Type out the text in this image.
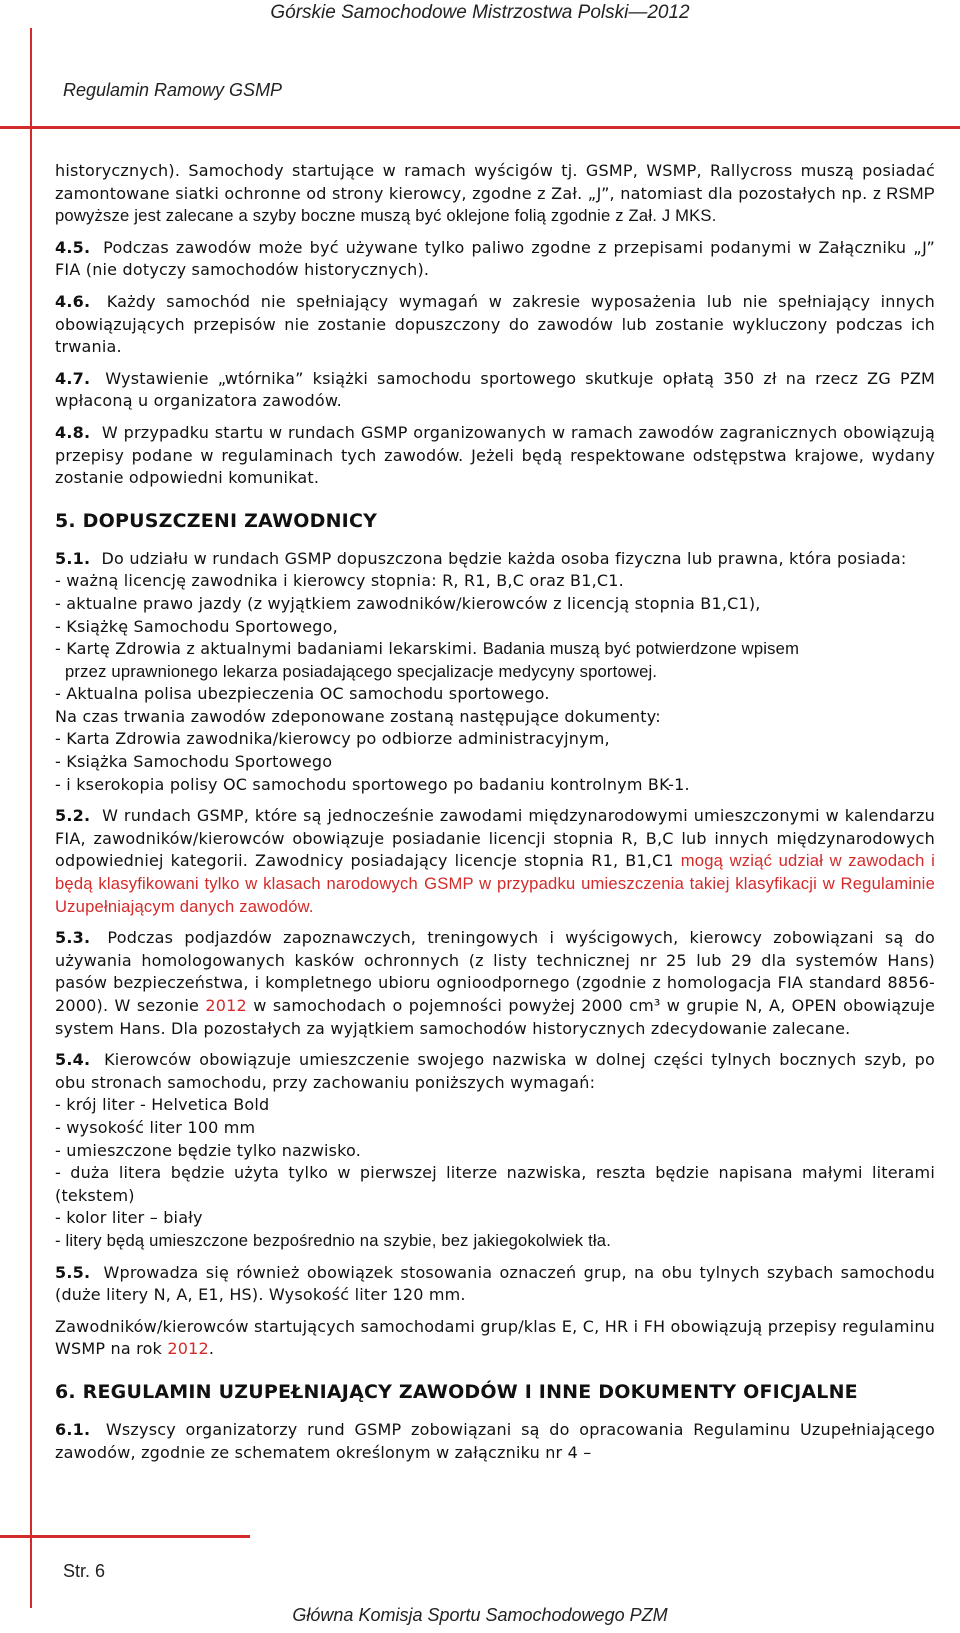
Górskie Samochodowe Mistrzostwa Polski—2012
Regulamin Ramowy GSMP

historycznych). Samochody startujące w ramach wyścigów tj. GSMP, WSMP, Rallycross muszą posiadać zamontowane siatki ochronne od strony kierowcy, zgodne z Zał. „J”, natomiast dla pozostałych np. z RSMP powyższe jest zalecane a szyby boczne muszą być oklejone folią zgodnie z Zał. J MKS.

4.5. Podczas zawodów może być używane tylko paliwo zgodne z przepisami podanymi w Załączniku „J” FIA (nie dotyczy samochodów historycznych).

4.6. Każdy samochód nie spełniający wymagań w zakresie wyposażenia lub nie spełniający innych obowiązujących przepisów nie zostanie dopuszczony do zawodów lub zostanie wykluczony podczas ich trwania.

4.7. Wystawienie „wtórnika” książki samochodu sportowego skutkuje opłatą 350 zł na rzecz ZG PZM wpłaconą u organizatora zawodów.

4.8. W przypadku startu w rundach GSMP organizowanych w ramach zawodów zagranicznych obowiązują przepisy podane w regulaminach tych zawodów. Jeżeli będą respektowane odstępstwa krajowe, wydany zostanie odpowiedni komunikat.

5. DOPUSZCZENI ZAWODNICY
5.1. Do udziału w rundach GSMP dopuszczona będzie każda osoba fizyczna lub prawna, która posiada:
- ważną licencję zawodnika i kierowcy stopnia: R, R1, B,C oraz B1,C1.
- aktualne prawo jazdy (z wyjątkiem zawodników/kierowców z licencją stopnia B1,C1),
- Książkę Samochodu Sportowego,
- Kartę Zdrowia z aktualnymi badaniami lekarskimi. Badania muszą być potwierdzone wpisem
przez uprawnionego lekarza posiadającego specjalizacje medycyny sportowej.
- Aktualna polisa ubezpieczenia OC samochodu sportowego.
Na czas trwania zawodów zdeponowane zostaną następujące dokumenty:
- Karta Zdrowia zawodnika/kierowcy po odbiorze administracyjnym,
- Książka Samochodu Sportowego
- i kserokopia polisy OC samochodu sportowego po badaniu kontrolnym BK-1.

5.2. W rundach GSMP, które są jednocześnie zawodami międzynarodowymi umieszczonymi w kalendarzu FIA, zawodników/kierowców obowiązuje posiadanie licencji stopnia R, B,C lub innych międzynarodowych odpowiedniej kategorii. Zawodnicy posiadający licencje stopnia R1, B1,C1 mogą wziąć udział w zawodach i będą klasyfikowani tylko w klasach narodowych GSMP w przypadku umieszczenia takiej klasyfikacji w Regulaminie Uzupełniającym danych zawodów.

5.3. Podczas podjazdów zapoznawczych, treningowych i wyścigowych, kierowcy zobowiązani są do używania homologowanych kasków ochronnych (z listy technicznej nr 25 lub 29 dla systemów Hans) pasów bezpieczeństwa, i kompletnego ubioru ognioodpornego (zgodnie z homologacja FIA standard 8856-2000). W sezonie 2012 w samochodach o pojemności powyżej 2000 cm³ w grupie N, A, OPEN obowiązuje system Hans. Dla pozostałych za wyjątkiem samochodów historycznych zdecydowanie zalecane.

5.4. Kierowców obowiązuje umieszczenie swojego nazwiska w dolnej części tylnych bocznych szyb, po obu stronach samochodu, przy zachowaniu poniższych wymagań:
- krój liter - Helvetica Bold
- wysokość liter 100 mm
- umieszczone będzie tylko nazwisko.
- duża litera będzie użyta tylko w pierwszej literze nazwiska, reszta będzie napisana małymi literami (tekstem)
- kolor liter – biały
- litery będą umieszczone bezpośrednio na szybie, bez jakiegokolwiek tła.

5.5. Wprowadza się również obowiązek stosowania oznaczeń grup, na obu tylnych szybach samochodu (duże litery N, A, E1, HS). Wysokość liter 120 mm.

Zawodników/kierowców startujących samochodami grup/klas E, C, HR i FH obowiązują przepisy regulaminu WSMP na rok 2012.

6. REGULAMIN UZUPEŁNIAJĄCY ZAWODÓW I INNE DOKUMENTY OFICJALNE

6.1. Wszyscy organizatorzy rund GSMP zobowiązani są do opracowania Regulaminu Uzupełniającego zawodów, zgodnie ze schematem określonym w załączniku nr 4 –

Str. 6
Główna Komisja Sportu Samochodowego PZM
